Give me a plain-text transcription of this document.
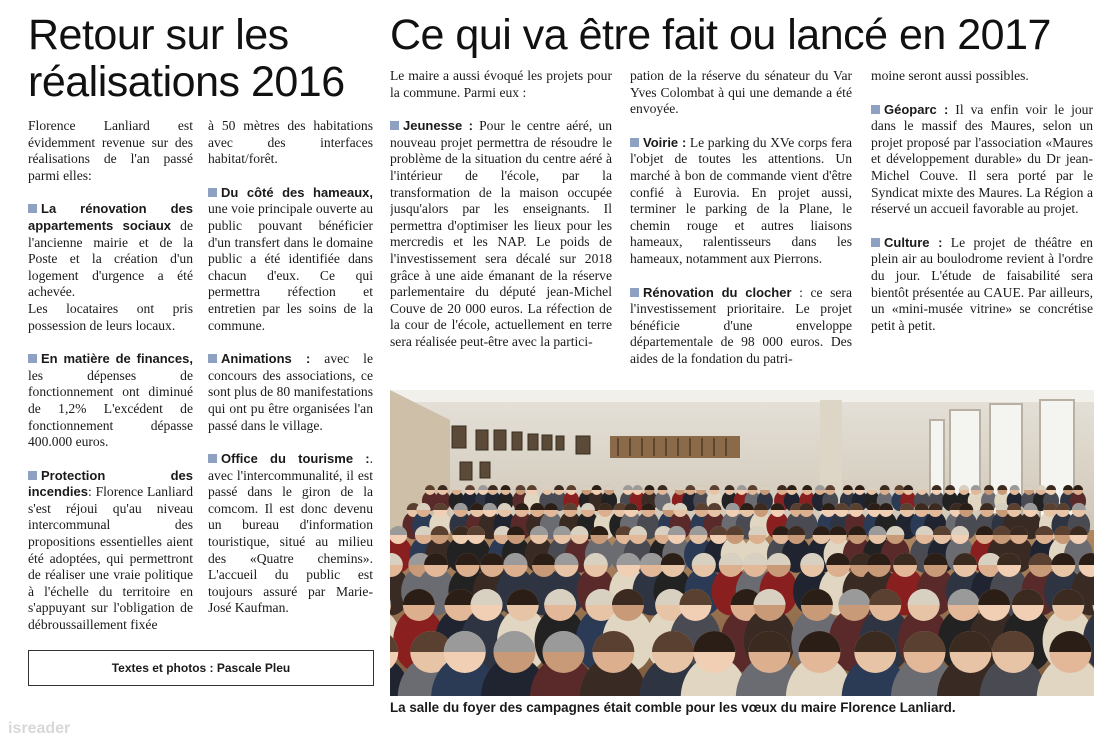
Retour sur les
réalisations 2016
Ce qui va être fait ou lancé en 2017

Florence Lanliard est évidemment revenue sur des réalisations de l'an passé parmi elles:

La rénovation des appartements sociaux de l'ancienne mairie et de la Poste et la création d'un logement d'urgence a été achevée.
Les locataires ont pris possession de leurs locaux.

En matière de finances, les dépenses de fonctionnement ont diminué de 1,2% L'excédent de fonctionnement dépasse 400.000 euros.

Protection des incendies: Florence Lanliard s'est réjoui qu'au niveau intercommunal des propositions essentielles aient été adoptées, qui permettront de réaliser une vraie politique à l'échelle du territoire en s'appuyant sur l'obligation de débroussaillement fixée

à 50 mètres des habitations avec des interfaces habitat/forêt.

Du côté des hameaux, une voie principale ouverte au public pouvant bénéficier d'un transfert dans le domaine public a été identifiée dans chacun d'eux. Ce qui permettra réfection et entretien par les soins de la commune.

Animations : avec le concours des associations, ce sont plus de 80 manifestations qui ont pu être organisées l'an passé dans le village.

Office du tourisme :. avec l'intercommunalité, il est passé dans le giron de la comcom. Il est donc devenu un bureau d'information touristique, situé au milieu des «Quatre chemins». L'accueil du public est toujours assuré par Marie-José Kaufman.

Textes et photos : Pascale Pleu

Le maire a aussi évoqué les projets pour la commune. Parmi eux :

Jeunesse : Pour le centre aéré, un nouveau projet permettra de résoudre le problème de la situation du centre aéré à l'intérieur de l'école, par la transformation de la maison occupée jusqu'alors par les enseignants. Il permettra d'optimiser les lieux pour les mercredis et les NAP. Le poids de l'investissement sera décalé sur 2018 grâce à une aide émanant de la réserve parlementaire du député jean-Michel Couve de 20 000 euros. La réfection de la cour de l'école, actuellement en terre sera réalisée peut-être avec la partici-

pation de la réserve du sénateur du Var Yves Colombat à qui une demande a été envoyée.

Voirie : Le parking du XVe corps fera l'objet de toutes les attentions. Un marché à bon de commande vient d'être confié à Eurovia. En projet aussi, terminer le parking de la Plane, le chemin rouge et autres liaisons hameaux, ralentisseurs dans les hameaux, notamment aux Pierrons.

Rénovation du clocher : ce sera l'investissement prioritaire. Le projet bénéficie d'une enveloppe départementale de 98 000 euros. Des aides de la fondation du patri-

moine seront aussi possibles.

Géoparc : Il va enfin voir le jour dans le massif des Maures, selon un projet proposé par l'association «Maures et développement durable» du Dr jean-Michel Couve. Il sera porté par le Syndicat mixte des Maures. La Région a réservé un accueil favorable au projet.

Culture : Le projet de théâtre en plein air au boulodrome revient à l'ordre du jour. L'étude de faisabilité sera bientôt présentée au CAUE. Par ailleurs, un «mini-musée vitrine» se concrétise petit à petit.

La salle du foyer des campagnes était comble pour les vœux du maire Florence Lanliard.
isreader
